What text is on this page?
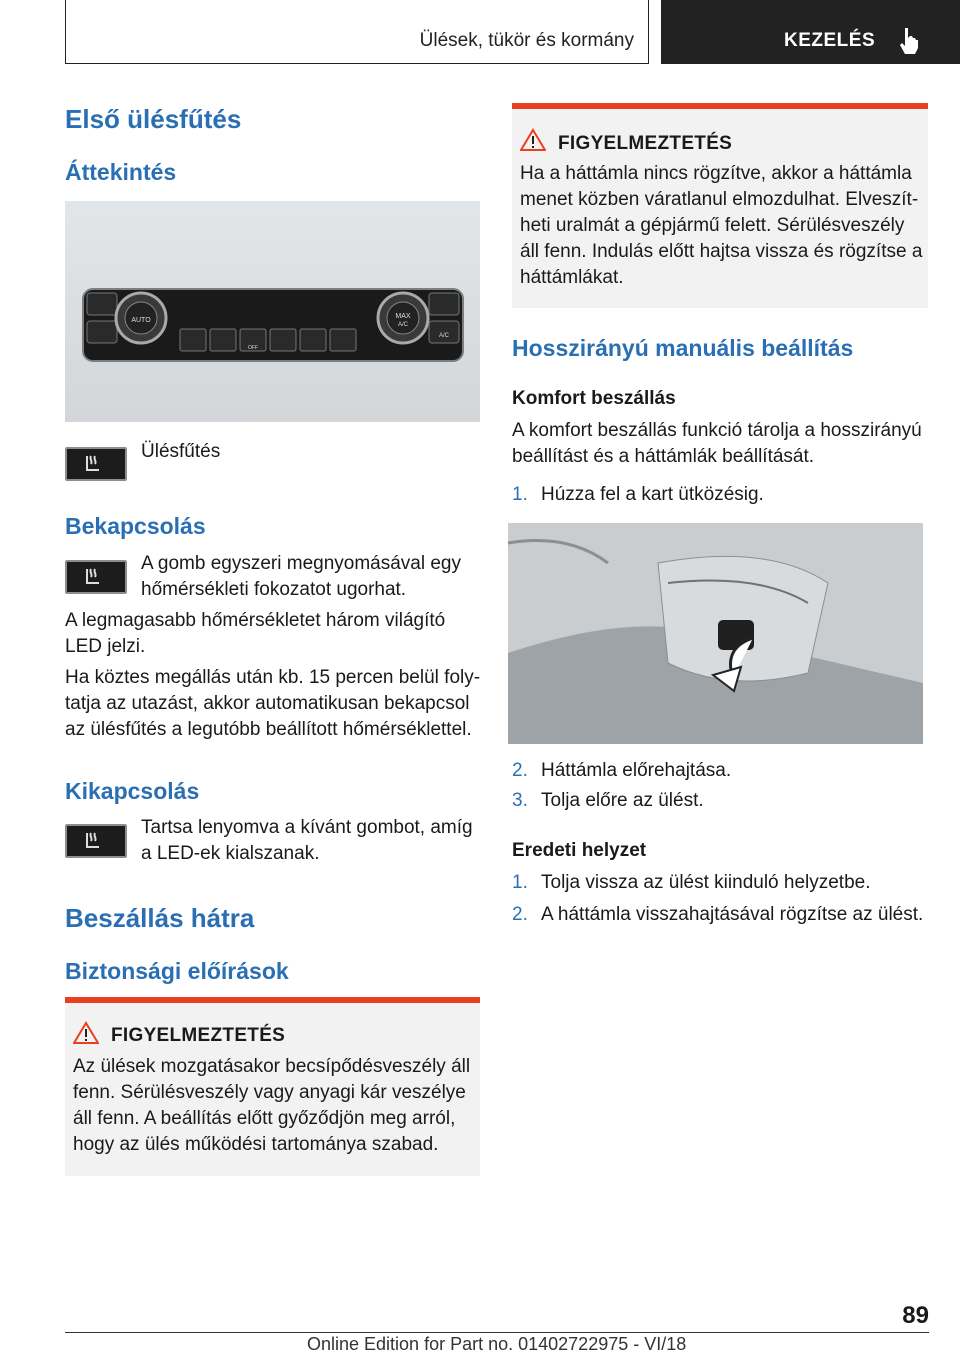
Ülések, tükör és kormány	KEZELÉS
Első ülésfűtés
Áttekintés
AUTO
MAX
A/C
A/C
OFF
Ülésfűtés
Bekapcsolás
A gomb egyszeri megnyomásával egy hőmérsékleti fokozatot ugorhat.
A legmagasabb hőmérsékletet három világító LED jelzi.
Ha köztes megállás után kb. 15 percen belül folytatja az utazást, akkor automatikusan bekapcsol az ülésfűtés a legutóbb beállított hőmérséklettel.
Kikapcsolás
Tartsa lenyomva a kívánt gombot, amíg a LED-ek kialszanak.
Beszállás hátra
Biztonsági előírások
FIGYELMEZTETÉS
Az ülések mozgatásakor becsípődésveszély áll fenn. Sérülésveszély vagy anyagi kár veszélye áll fenn. A beállítás előtt győződjön meg arról, hogy az ülés működési tartománya szabad.
FIGYELMEZTETÉS
Ha a háttámla nincs rögzítve, akkor a háttámla menet közben váratlanul elmozdulhat. Elveszítheti uralmát a gépjármű felett. Sérülésveszély áll fenn. Indulás előtt hajtsa vissza és rögzítse a háttámlákat.
Hosszirányú manuális beállítás
Komfort beszállás
A komfort beszállás funkció tárolja a hosszirányú beállítást és a háttámlák beállítását.
1. Húzza fel a kart ütközésig.
2. Háttámla előrehajtása.
3. Tolja előre az ülést.
Eredeti helyzet
1. Tolja vissza az ülést kiinduló helyzetbe.
2. A háttámla visszahajtásával rögzítse az ülést.
89
Online Edition for Part no. 01402722975 - VI/18
